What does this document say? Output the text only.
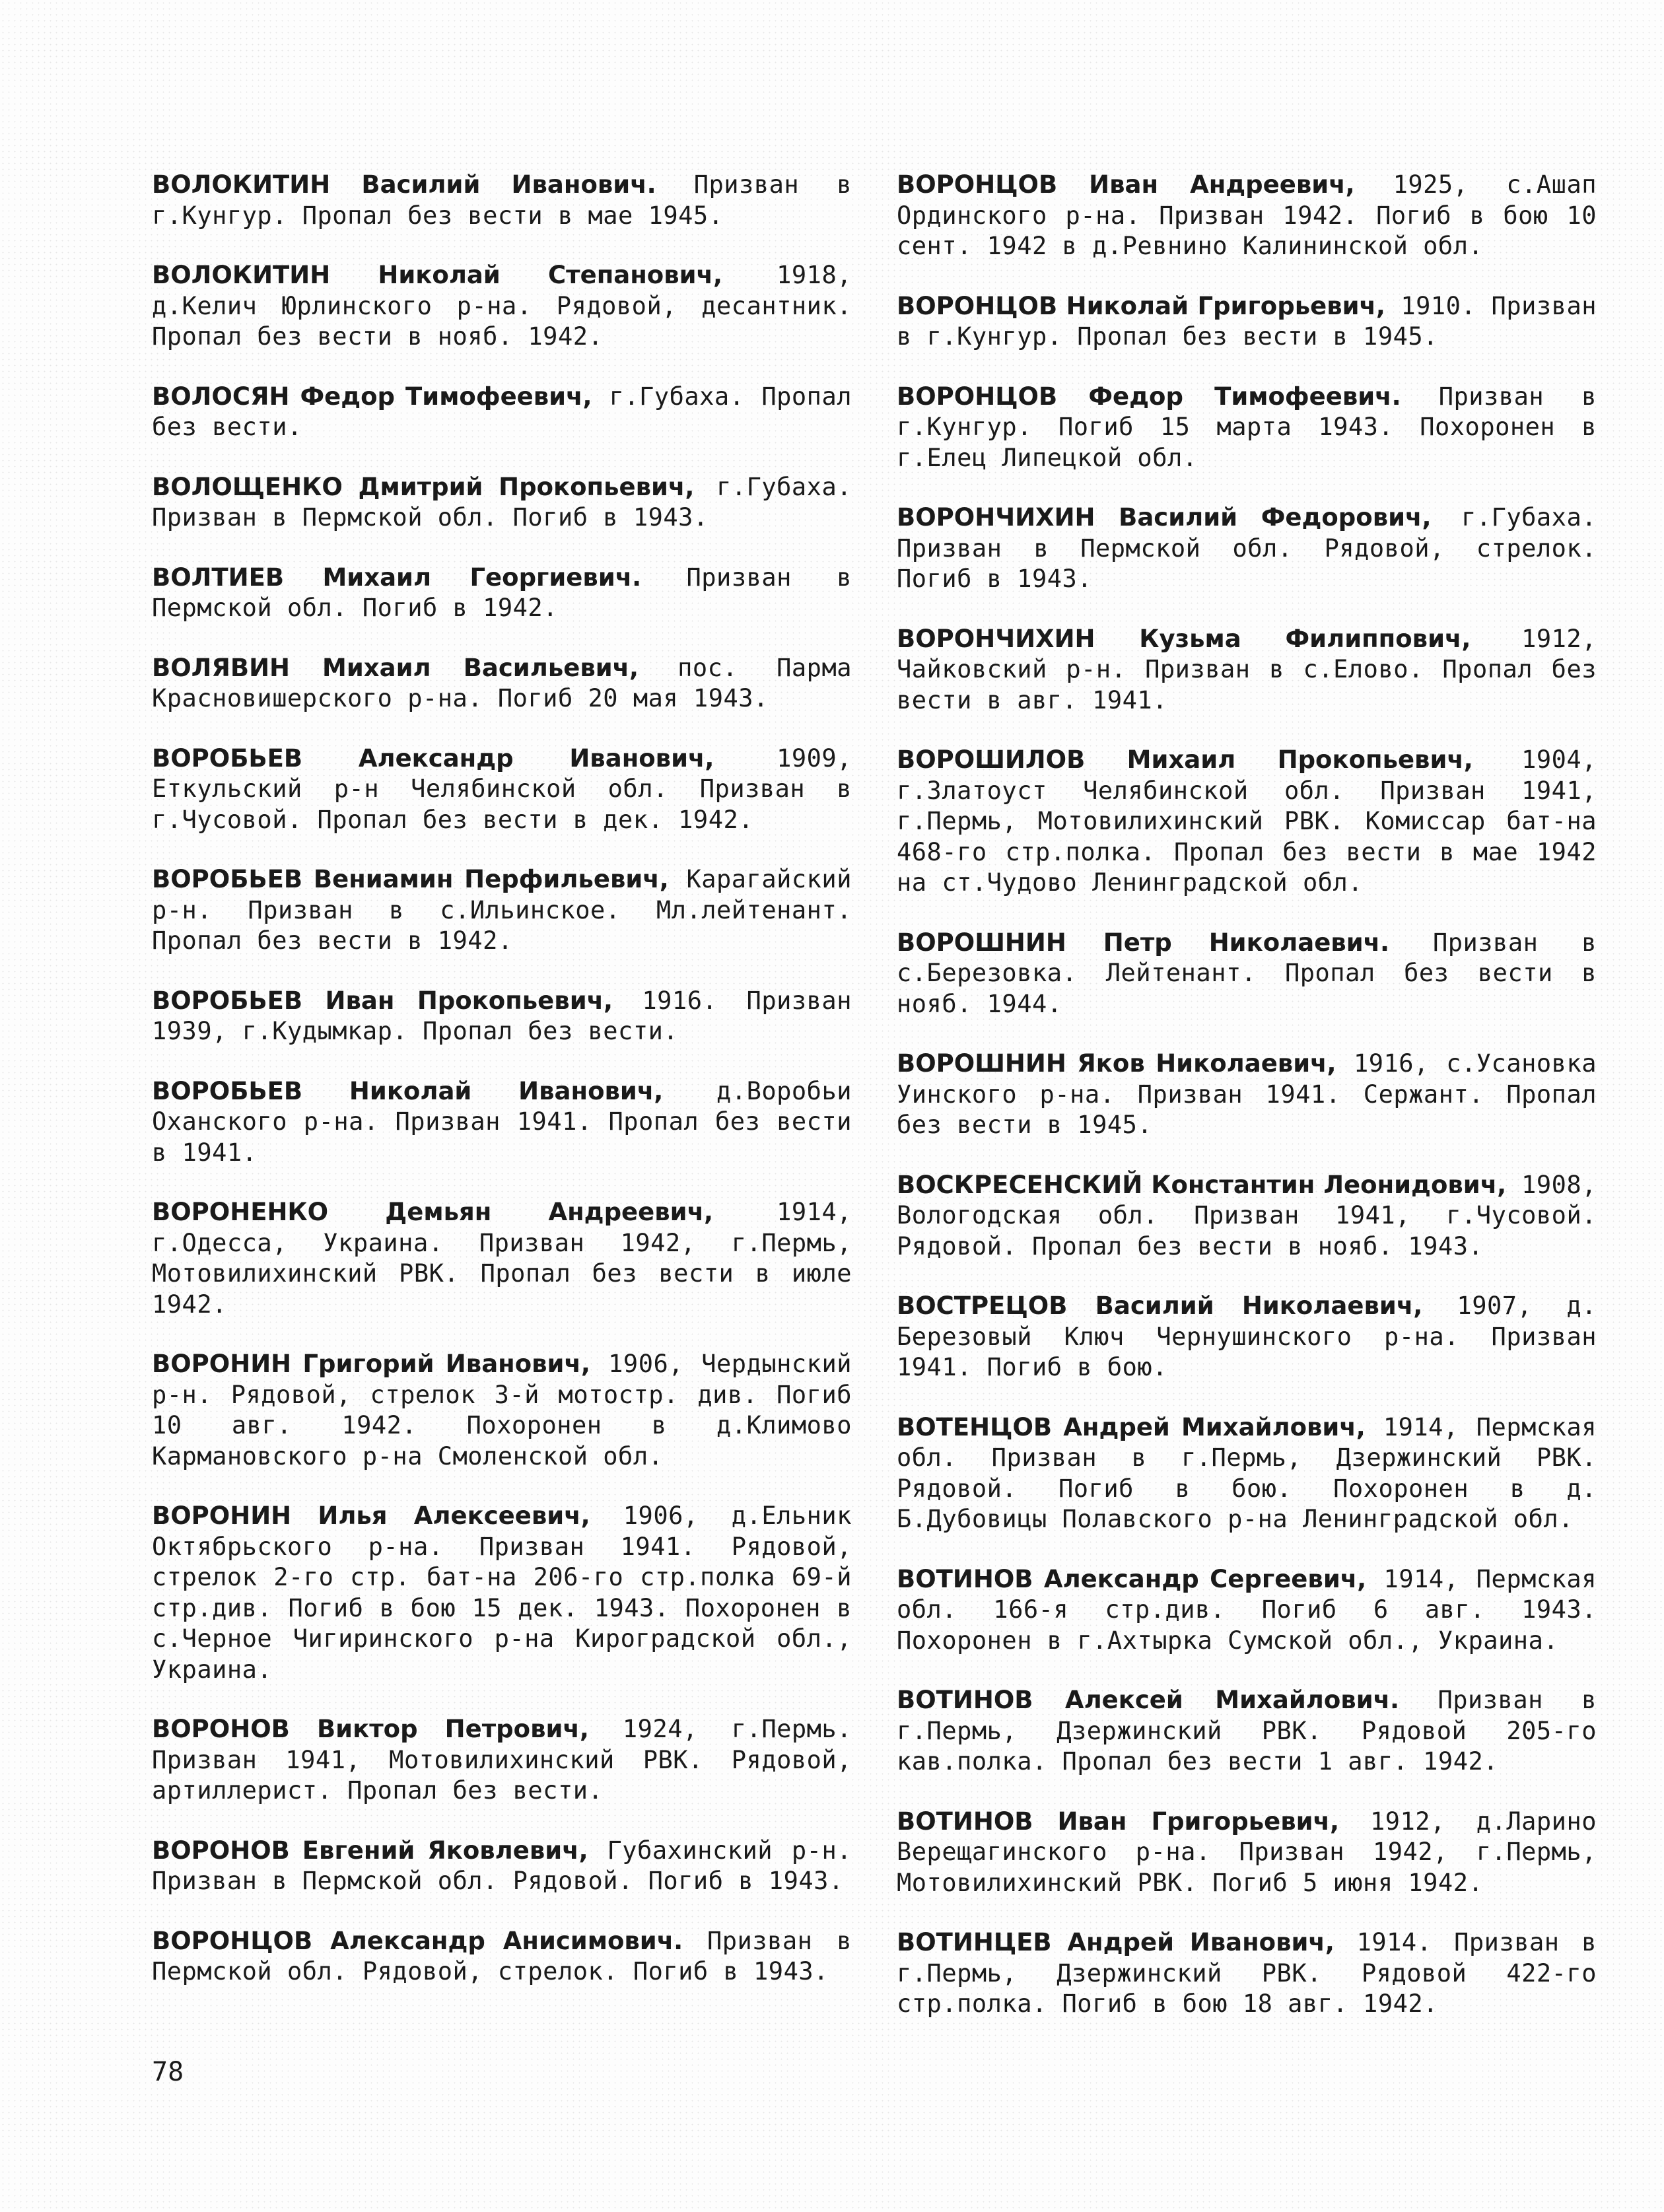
ВОЛОКИТИН Василий Иванович. Призван в г.Кунгур. Пропал без вести в мае 1945.

ВОЛОКИТИН Николай Степанович, 1918, д.Келич Юрлинского р-на. Рядовой, десантник. Пропал без вести в нояб. 1942.

ВОЛОСЯН Федор Тимофеевич, г.Губаха. Пропал без вести.

ВОЛОЩЕНКО Дмитрий Прокопьевич, г.Губаха. Призван в Пермской обл. Погиб в 1943.

ВОЛТИЕВ Михаил Георгиевич. Призван в Пермской обл. Погиб в 1942.

ВОЛЯВИН Михаил Васильевич, пос. Парма Красновишерского р-на. Погиб 20 мая 1943.

ВОРОБЬЕВ Александр Иванович,	1909, Еткульский р-н Челябинской обл. Призван в г.Чусовой. Пропал без вести в дек. 1942.

ВОРОБЬЕВ Вениамин Перфильевич, Карагайский р-н. Призван в с.Ильинское. Мл.лейтенант. Пропал без вести в 1942.

ВОРОБЬЕВ Иван Прокопьевич, 1916. Призван 1939, г.Кудымкар. Пропал без вести.

ВОРОБЬЕВ Николай Иванович, д.Воробьи Оханского р-на. Призван 1941. Пропал без вести в 1941.

ВОРОНЕНКО Демьян Андреевич,	1914, г.Одесса, Украина. Призван 1942, г.Пермь, Мотовилихинский РВК. Пропал без вести в июле 1942.

ВОРОНИН Григорий Иванович, 1906, Чердынский р-н. Рядовой, стрелок 3-й мотостр. див. Погиб 10 авг. 1942. Похоронен в д.Климово Кармановского р-на Смоленской обл.

ВОРОНИН Илья Алексеевич, 1906, д.Ельник Октябрьского р-на. Призван 1941. Рядовой, стрелок 2-го стр. бат-на 206-го стр.полка 69-й стр.див. Погиб в бою 15 дек. 1943. Похоронен в с.Черное Чигиринского р-на Кироградской обл., Украина.

ВОРОНОВ Виктор Петрович, 1924, г.Пермь. Призван 1941, Мотовилихинский РВК. Рядовой, артиллерист. Пропал без вести.

ВОРОНОВ Евгений Яковлевич, Губахинский р-н. Призван в Пермской обл. Рядовой. Погиб в 1943.

ВОРОНЦОВ Александр Анисимович. Призван в Пермской обл. Рядовой, стрелок. Погиб в 1943.

ВОРОНЦОВ Иван Андреевич, 1925, с.Ашап Ординского р-на. Призван 1942. Погиб в бою 10 сент. 1942 в д.Ревнино Калининской обл.

ВОРОНЦОВ Николай Григорьевич, 1910. Призван в г.Кунгур. Пропал без вести в 1945.

ВОРОНЦОВ Федор Тимофеевич. Призван в г.Кунгур. Погиб 15 марта 1943. Похоронен в г.Елец Липецкой обл.

ВОРОНЧИХИН Василий Федорович, г.Губаха. Призван в Пермской обл. Рядовой, стрелок. Погиб в 1943.

ВОРОНЧИХИН Кузьма Филиппович, 1912, Чайковский р-н. Призван в с.Елово. Пропал без вести в авг. 1941.

ВОРОШИЛОВ Михаил Прокопьевич, 1904, г.Златоуст Челябинской обл. Призван 1941, г.Пермь, Мотовилихинский РВК. Комиссар бат-на 468-го стр.полка. Пропал без вести в мае 1942 на ст.Чудово Ленинградской обл.

ВОРОШНИН Петр Николаевич. Призван в с.Березовка. Лейтенант. Пропал без вести в нояб. 1944.

ВОРОШНИН Яков Николаевич, 1916, с.Усановка Уинского р-на. Призван 1941. Сержант. Пропал без вести в 1945.

ВОСКРЕСЕНСКИЙ Константин Леонидович, 1908, Вологодская обл. Призван 1941, г.Чусовой. Рядовой. Пропал без вести в нояб. 1943.

ВОСТРЕЦОВ Василий Николаевич, 1907, д. Березовый Ключ Чернушинского р-на. Призван 1941. Погиб в бою.

ВОТЕНЦОВ Андрей Михайлович, 1914, Пермская обл. Призван в г.Пермь, Дзержинский РВК. Рядовой. Погиб в бою. Похоронен в д. Б.Дубовицы Полавского р-на Ленинградской обл.

ВОТИНОВ Александр Сергеевич, 1914, Пермская обл. 166-я стр.див. Погиб 6 авг. 1943. Похоронен в г.Ахтырка Сумской обл., Украина.

ВОТИНОВ Алексей Михайлович. Призван в г.Пермь, Дзержинский РВК. Рядовой 205-го кав.полка. Пропал без вести 1 авг. 1942.

ВОТИНОВ Иван Григорьевич, 1912, д.Ларино Верещагинского р-на. Призван 1942, г.Пермь, Мотовилихинский РВК. Погиб 5 июня 1942.

ВОТИНЦЕВ Андрей Иванович, 1914. Призван в г.Пермь, Дзержинский РВК. Рядовой 422-го стр.полка. Погиб в бою 18 авг. 1942.

78
